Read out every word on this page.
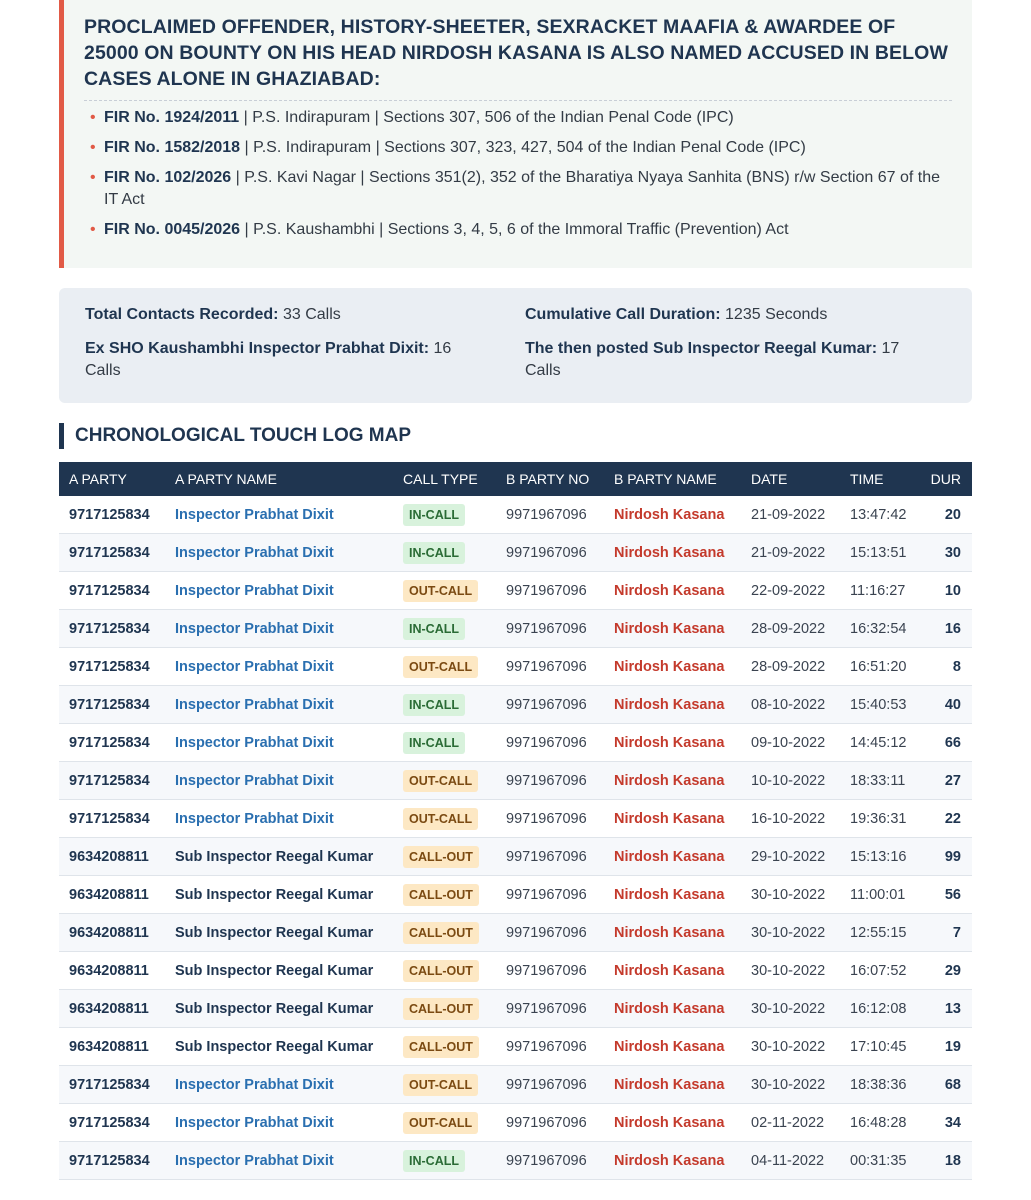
PROCLAIMED OFFENDER, HISTORY-SHEETER, SEXRACKET MAAFIA & AWARDEE OF 25000 ON BOUNTY ON HIS HEAD NIRDOSH KASANA IS ALSO NAMED ACCUSED IN BELOW CASES ALONE IN GHAZIABAD:
• FIR No. 1924/2011 | P.S. Indirapuram | Sections 307, 506 of the Indian Penal Code (IPC)
• FIR No. 1582/2018 | P.S. Indirapuram | Sections 307, 323, 427, 504 of the Indian Penal Code (IPC)
• FIR No. 102/2026 | P.S. Kavi Nagar | Sections 351(2), 352 of the Bharatiya Nyaya Sanhita (BNS) r/w Section 67 of the IT Act
• FIR No. 0045/2026 | P.S. Kaushambhi | Sections 3, 4, 5, 6 of the Immoral Traffic (Prevention) Act
Total Contacts Recorded: 33 Calls	Cumulative Call Duration: 1235 Seconds
Ex SHO Kaushambhi Inspector Prabhat Dixit: 16 Calls
The then posted Sub Inspector Reegal Kumar: 17 Calls
CHRONOLOGICAL TOUCH LOG MAP
A PARTY	A PARTY NAME	CALL TYPE	B PARTY NO	B PARTY NAME	DATE	TIME	DUR
9717125834	Inspector Prabhat Dixit	IN-CALL	9971967096	Nirdosh Kasana	21-09-2022	13:47:42	20
9717125834	Inspector Prabhat Dixit	IN-CALL	9971967096	Nirdosh Kasana	21-09-2022	15:13:51	30
9717125834	Inspector Prabhat Dixit	OUT-CALL	9971967096	Nirdosh Kasana	22-09-2022	11:16:27	10
9717125834	Inspector Prabhat Dixit	IN-CALL	9971967096	Nirdosh Kasana	28-09-2022	16:32:54	16
9717125834	Inspector Prabhat Dixit	OUT-CALL	9971967096	Nirdosh Kasana	28-09-2022	16:51:20	8
9717125834	Inspector Prabhat Dixit	IN-CALL	9971967096	Nirdosh Kasana	08-10-2022	15:40:53	40
9717125834	Inspector Prabhat Dixit	IN-CALL	9971967096	Nirdosh Kasana	09-10-2022	14:45:12	66
9717125834	Inspector Prabhat Dixit	OUT-CALL	9971967096	Nirdosh Kasana	10-10-2022	18:33:11	27
9717125834	Inspector Prabhat Dixit	OUT-CALL	9971967096	Nirdosh Kasana	16-10-2022	19:36:31	22
9634208811	Sub Inspector Reegal Kumar	CALL-OUT	9971967096	Nirdosh Kasana	29-10-2022	15:13:16	99
9634208811	Sub Inspector Reegal Kumar	CALL-OUT	9971967096	Nirdosh Kasana	30-10-2022	11:00:01	56
9634208811	Sub Inspector Reegal Kumar	CALL-OUT	9971967096	Nirdosh Kasana	30-10-2022	12:55:15	7
9634208811	Sub Inspector Reegal Kumar	CALL-OUT	9971967096	Nirdosh Kasana	30-10-2022	16:07:52	29
9634208811	Sub Inspector Reegal Kumar	CALL-OUT	9971967096	Nirdosh Kasana	30-10-2022	16:12:08	13
9634208811	Sub Inspector Reegal Kumar	CALL-OUT	9971967096	Nirdosh Kasana	30-10-2022	17:10:45	19
9717125834	Inspector Prabhat Dixit	OUT-CALL	9971967096	Nirdosh Kasana	30-10-2022	18:38:36	68
9717125834	Inspector Prabhat Dixit	OUT-CALL	9971967096	Nirdosh Kasana	02-11-2022	16:48:28	34
9717125834	Inspector Prabhat Dixit	IN-CALL	9971967096	Nirdosh Kasana	04-11-2022	00:31:35	18
